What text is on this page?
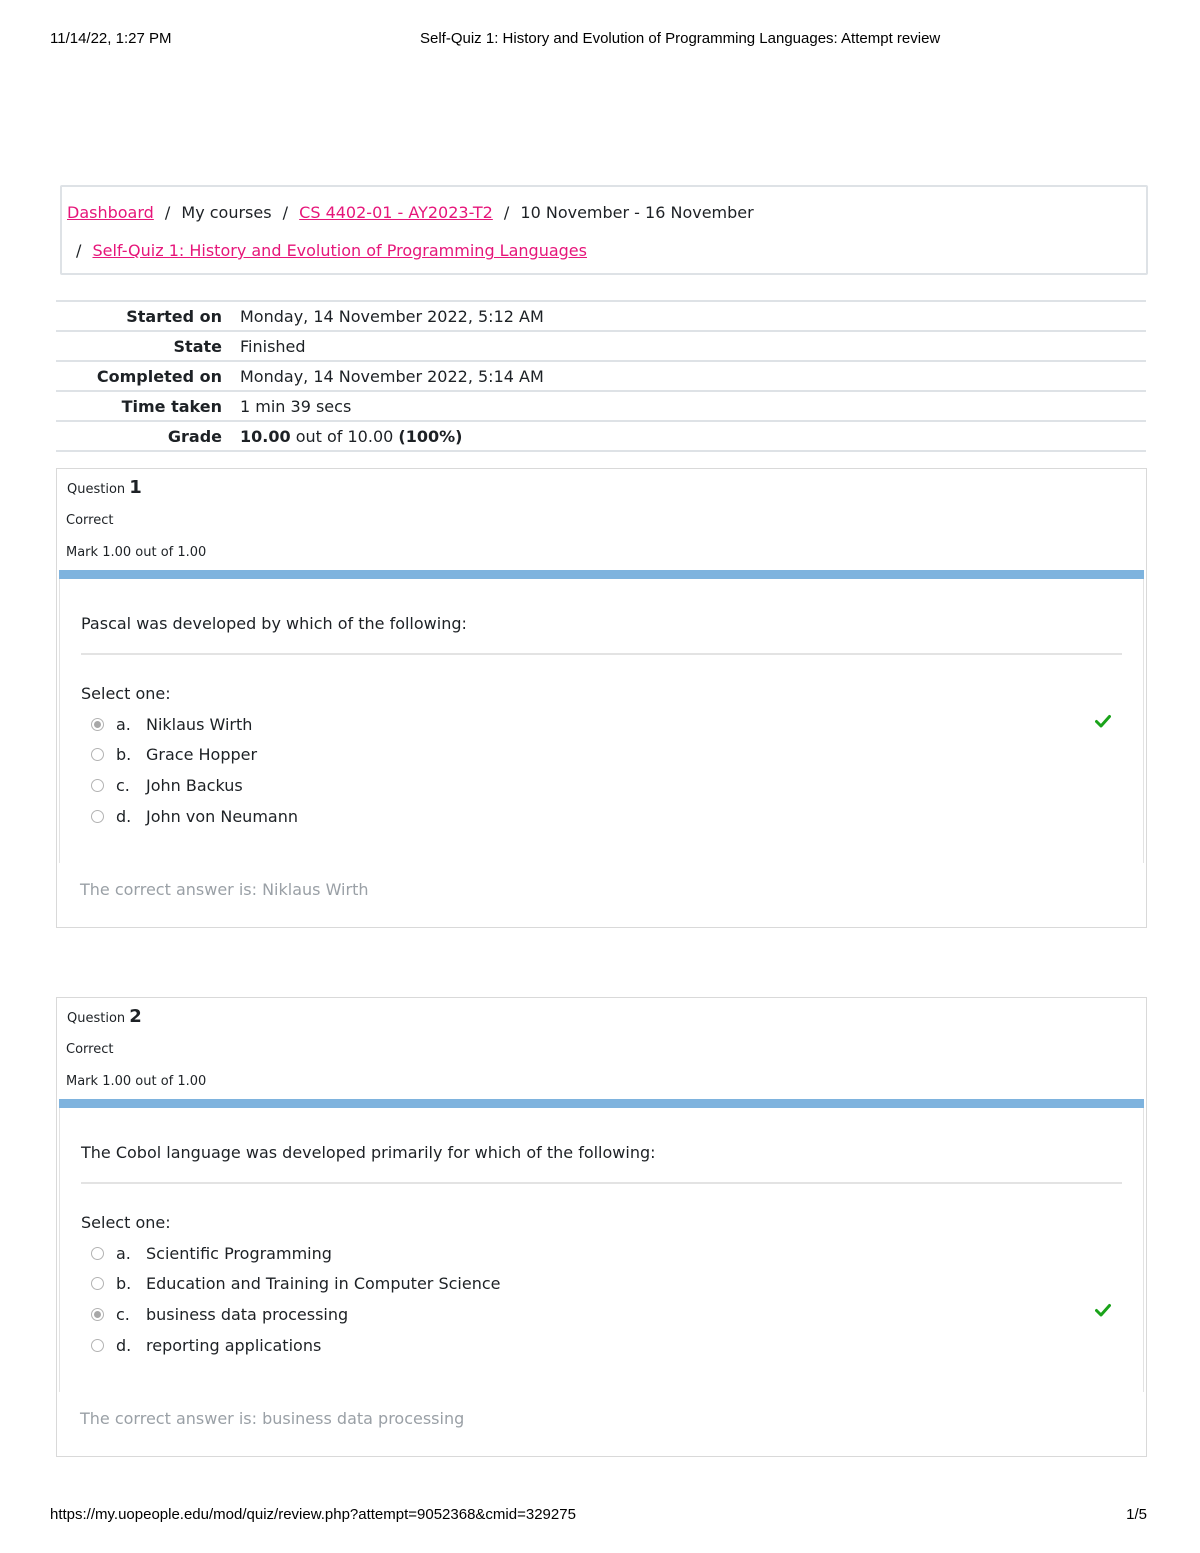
11/14/22, 1:27 PM	Self-Quiz 1: History and Evolution of Programming Languages: Attempt review
Dashboard / My courses / CS 4402-01 - AY2023-T2 / 10 November - 16 November
/ Self-Quiz 1: History and Evolution of Programming Languages
Started on	Monday, 14 November 2022, 5:12 AM
State	Finished
Completed on	Monday, 14 November 2022, 5:14 AM
Time taken	1 min 39 secs
Grade	10.00 out of 10.00 (100%)
Question 1
Correct
Mark 1.00 out of 1.00
Pascal was developed by which of the following:
Select one:
a. Niklaus Wirth
b. Grace Hopper
c.	John Backus
d. John von Neumann
The correct answer is: Niklaus Wirth
Question 2
Correct
Mark 1.00 out of 1.00
The Cobol language was developed primarily for which of the following:
Select one:
a. Scientific Programming
b. Education and Training in Computer Science
c.	business data processing
d. reporting applications
The correct answer is: business data processing
https://my.uopeople.edu/mod/quiz/review.php?attempt=9052368&cmid=329275	1/5
